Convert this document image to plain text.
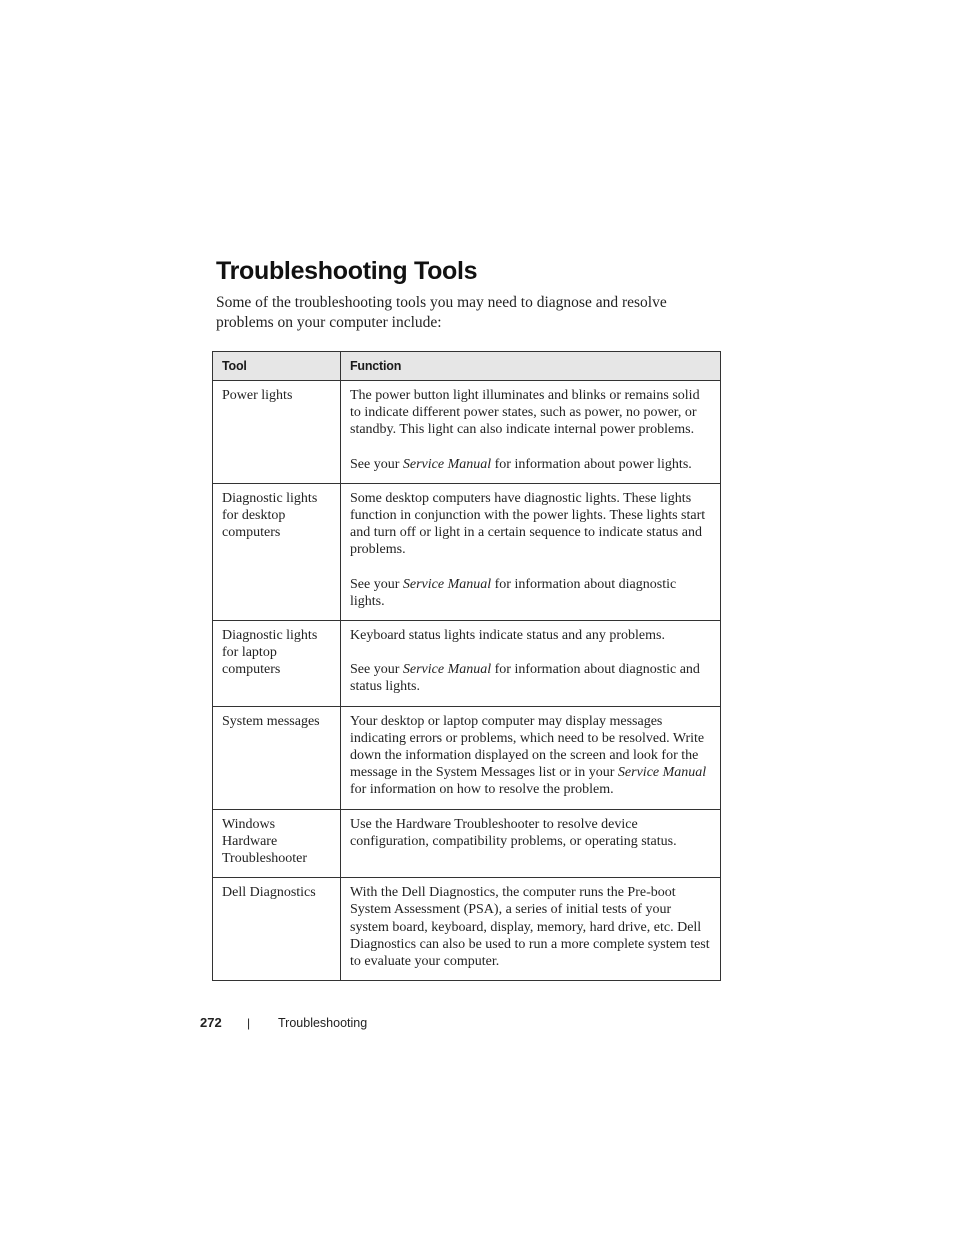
Troubleshooting Tools

Some of the troubleshooting tools you may need to diagnose and resolve problems on your computer include:

Tool	Function
Power lights	The power button light illuminates and blinks or remains solid to indicate different power states, such as power, no power, or standby. This light can also indicate internal power problems.

See your Service Manual for information about power lights.

Diagnostic lights for desktop computers	Some desktop computers have diagnostic lights. These lights function in conjunction with the power lights. These lights start and turn off or light in a certain sequence to indicate status and problems.

See your Service Manual for information about diagnostic lights.

Diagnostic lights for laptop computers	Keyboard status lights indicate status and any problems.

See your Service Manual for information about diagnostic and status lights.

System messages	Your desktop or laptop computer may display messages indicating errors or problems, which need to be resolved. Write down the information displayed on the screen and look for the message in the System Messages list or in your Service Manual for information on how to resolve the problem.

Windows Hardware Troubleshooter	Use the Hardware Troubleshooter to resolve device configuration, compatibility problems, or operating status.

Dell Diagnostics	With the Dell Diagnostics, the computer runs the Pre-boot System Assessment (PSA), a series of initial tests of your system board, keyboard, display, memory, hard drive, etc. Dell Diagnostics can also be used to run a more complete system test to evaluate your computer.

272 | Troubleshooting
